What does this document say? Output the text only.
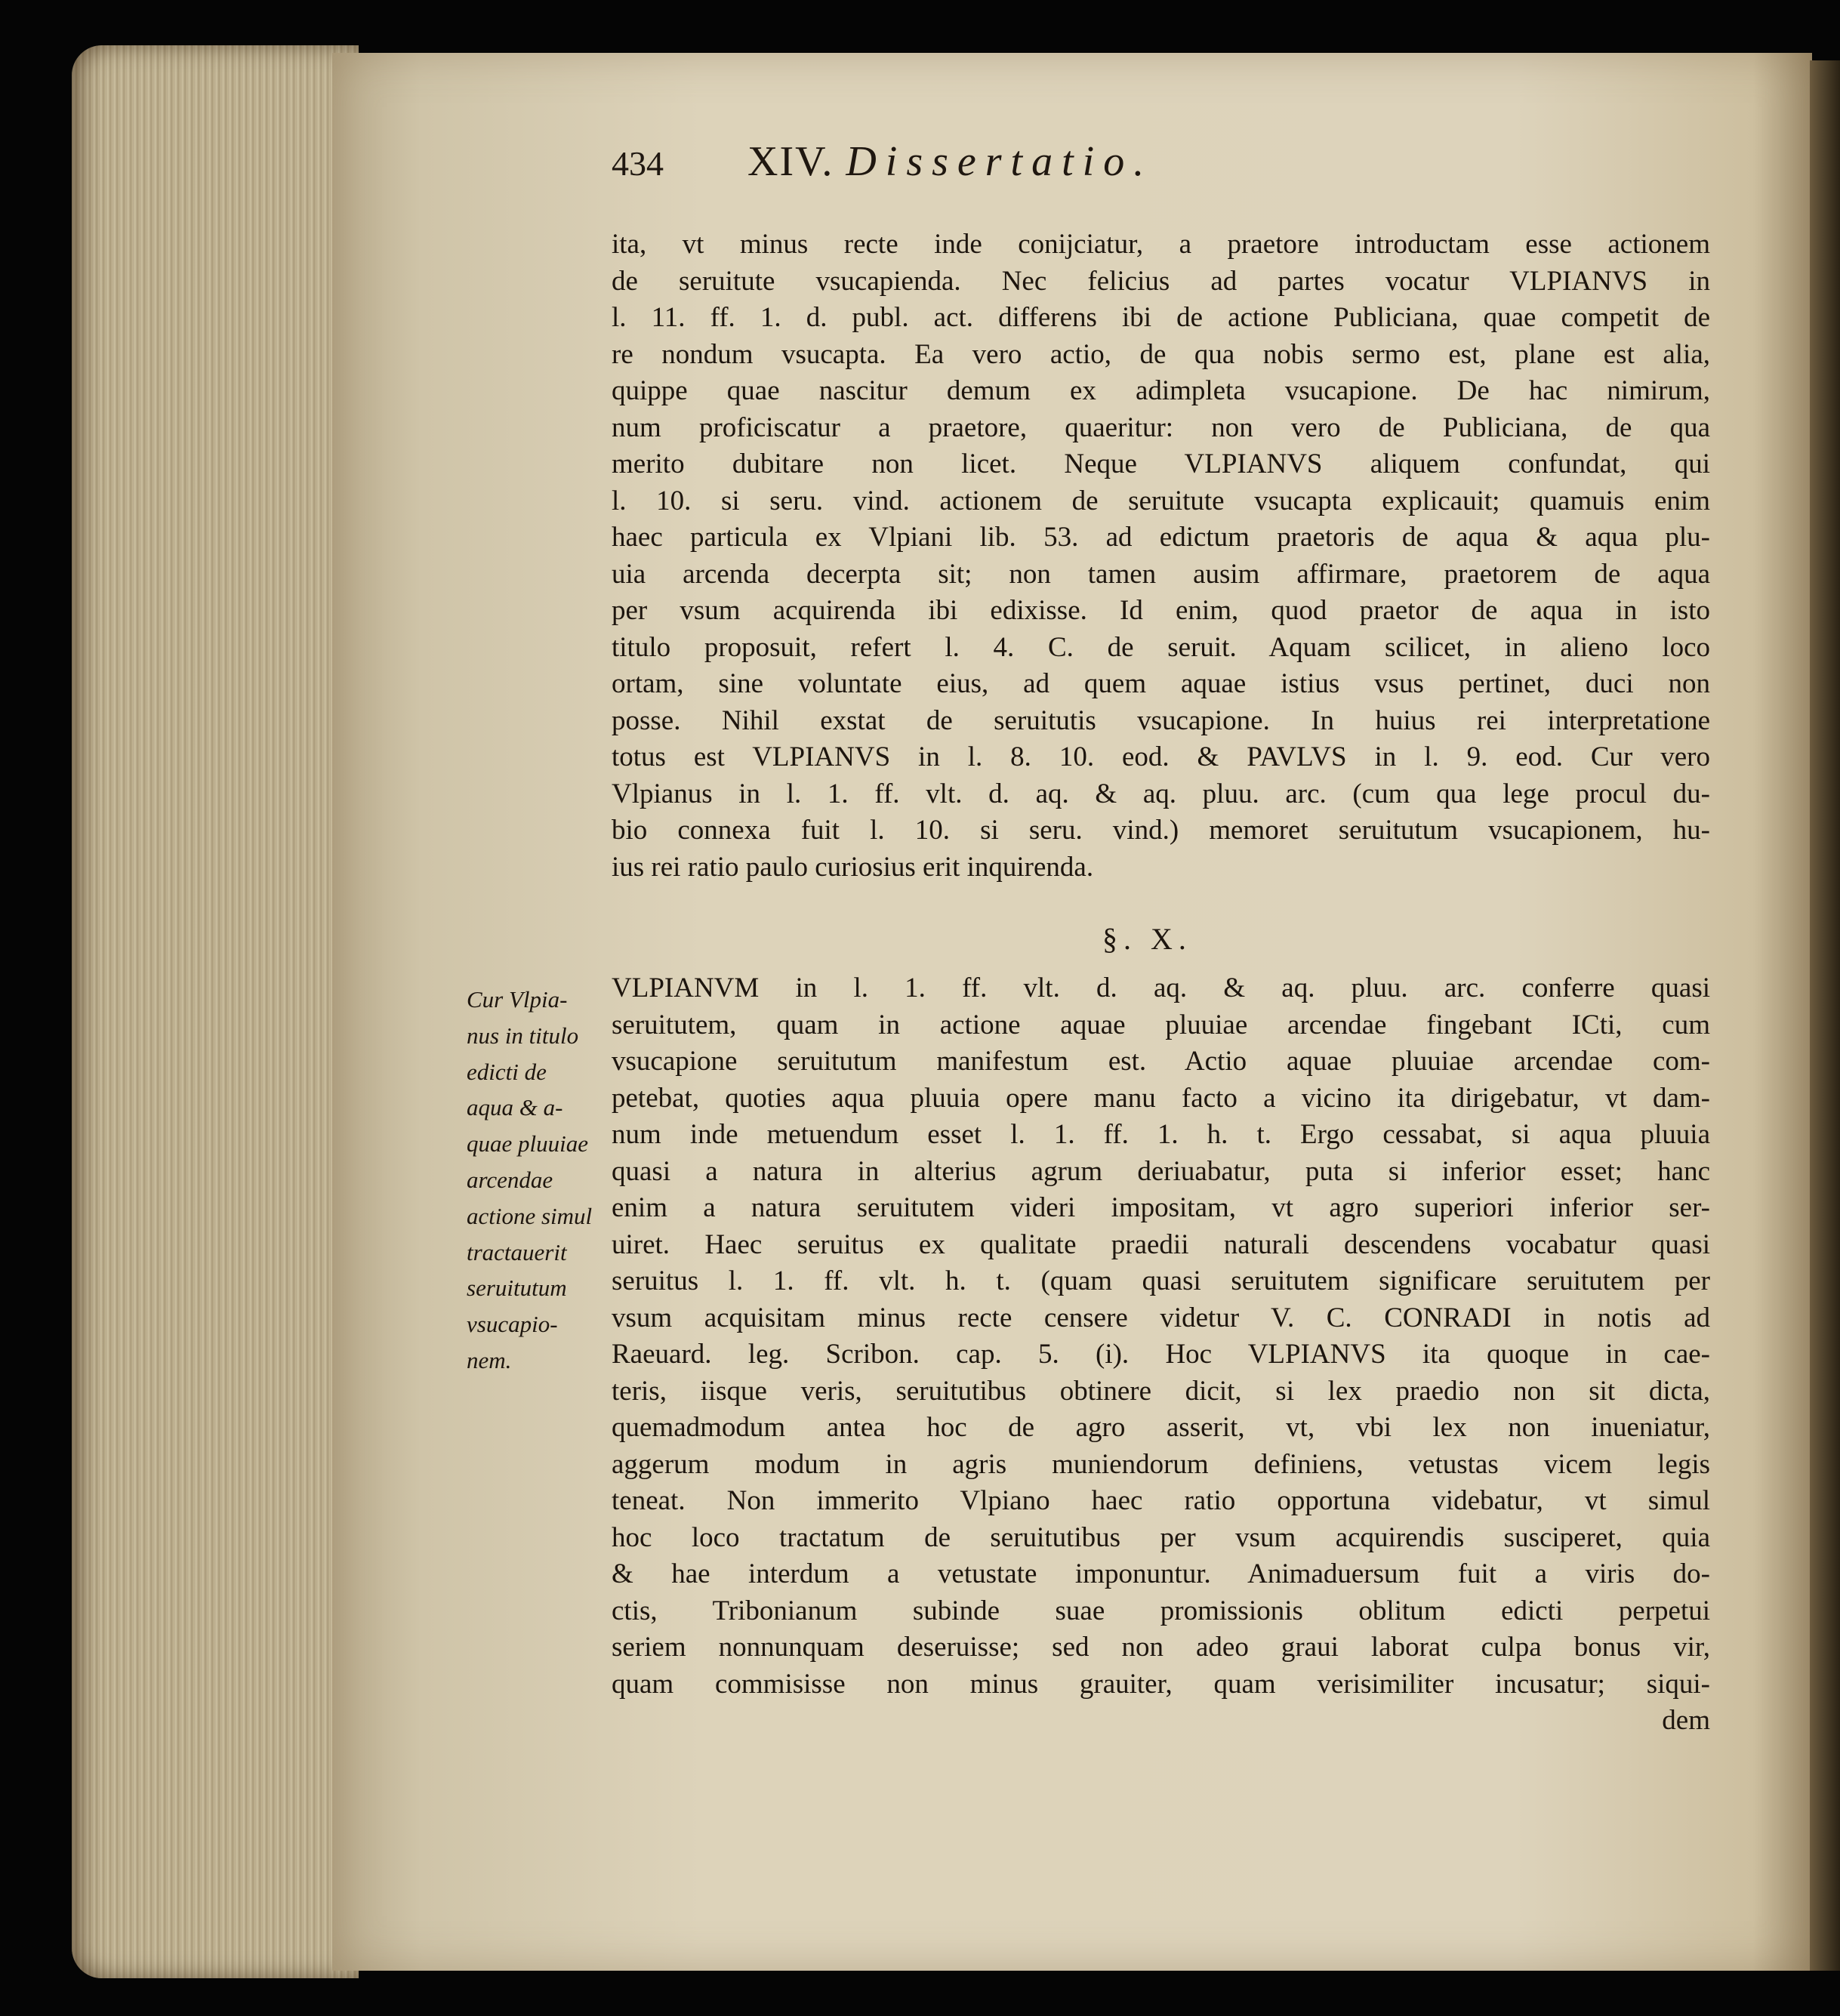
434 XIV. Dissertatio.
ita, vt minus recte inde conijciatur, a praetore introductam esse actionem
de seruitute vsucapienda. Nec felicius ad partes vocatur VLPIANVS in
l. 11. ff. 1. d. publ. act. differens ibi de actione Publiciana, quae competit de
re nondum vsucapta. Ea vero actio, de qua nobis sermo est, plane est alia,
quippe quae nascitur demum ex adimpleta vsucapione. De hac nimirum,
num proficiscatur a praetore, quaeritur: non vero de Publiciana, de qua
merito dubitare non licet. Neque VLPIANVS aliquem confundat, qui
l. 10. si seru. vind. actionem de seruitute vsucapta explicauit; quamuis enim
haec particula ex Vlpiani lib. 53. ad edictum praetoris de aqua & aqua plu-
uia arcenda decerpta sit; non tamen ausim affirmare, praetorem de aqua
per vsum acquirenda ibi edixisse. Id enim, quod praetor de aqua in isto
titulo proposuit, refert l. 4. C. de seruit. Aquam scilicet, in alieno loco
ortam, sine voluntate eius, ad quem aquae istius vsus pertinet, duci non
posse. Nihil exstat de seruitutis vsucapione. In huius rei interpretatione
totus est VLPIANVS in l. 8. 10. eod. & PAVLVS in l. 9. eod. Cur vero
Vlpianus in l. 1. ff. vlt. d. aq. & aq. pluu. arc. (cum qua lege procul du-
bio connexa fuit l. 10. si seru. vind.) memoret seruitutum vsucapionem, hu-
ius rei ratio paulo curiosius erit inquirenda.
§. X.
Cur Vlpia-
nus in titulo
edicti de
aqua & a-
quae pluuiae
arcendae
actione simul
tractauerit
seruitutum
vsucapio-
nem.
VLPIANVM in l. 1. ff. vlt. d. aq. & aq. pluu. arc. conferre quasi
seruitutem, quam in actione aquae pluuiae arcendae fingebant ICti, cum
vsucapione seruitutum manifestum est. Actio aquae pluuiae arcendae com-
petebat, quoties aqua pluuia opere manu facto a vicino ita dirigebatur, vt dam-
num inde metuendum esset l. 1. ff. 1. h. t. Ergo cessabat, si aqua pluuia
quasi a natura in alterius agrum deriuabatur, puta si inferior esset; hanc
enim a natura seruitutem videri impositam, vt agro superiori inferior ser-
uiret. Haec seruitus ex qualitate praedii naturali descendens vocabatur quasi
seruitus l. 1. ff. vlt. h. t. (quam quasi seruitutem significare seruitutem per
vsum acquisitam minus recte censere videtur V. C. CONRADI in notis ad
Raeuard. leg. Scribon. cap. 5. (i). Hoc VLPIANVS ita quoque in cae-
teris, iisque veris, seruitutibus obtinere dicit, si lex praedio non sit dicta,
quemadmodum antea hoc de agro asserit, vt, vbi lex non inueniatur,
aggerum modum in agris muniendorum definiens, vetustas vicem legis
teneat. Non immerito Vlpiano haec ratio opportuna videbatur, vt simul
hoc loco tractatum de seruitutibus per vsum acquirendis susciperet, quia
& hae interdum a vetustate imponuntur. Animaduersum fuit a viris do-
ctis, Tribonianum subinde suae promissionis oblitum edicti perpetui
seriem nonnunquam deseruisse; sed non adeo graui laborat culpa bonus vir,
quam commisisse non minus grauiter, quam verisimiliter incusatur; siqui-
dem
